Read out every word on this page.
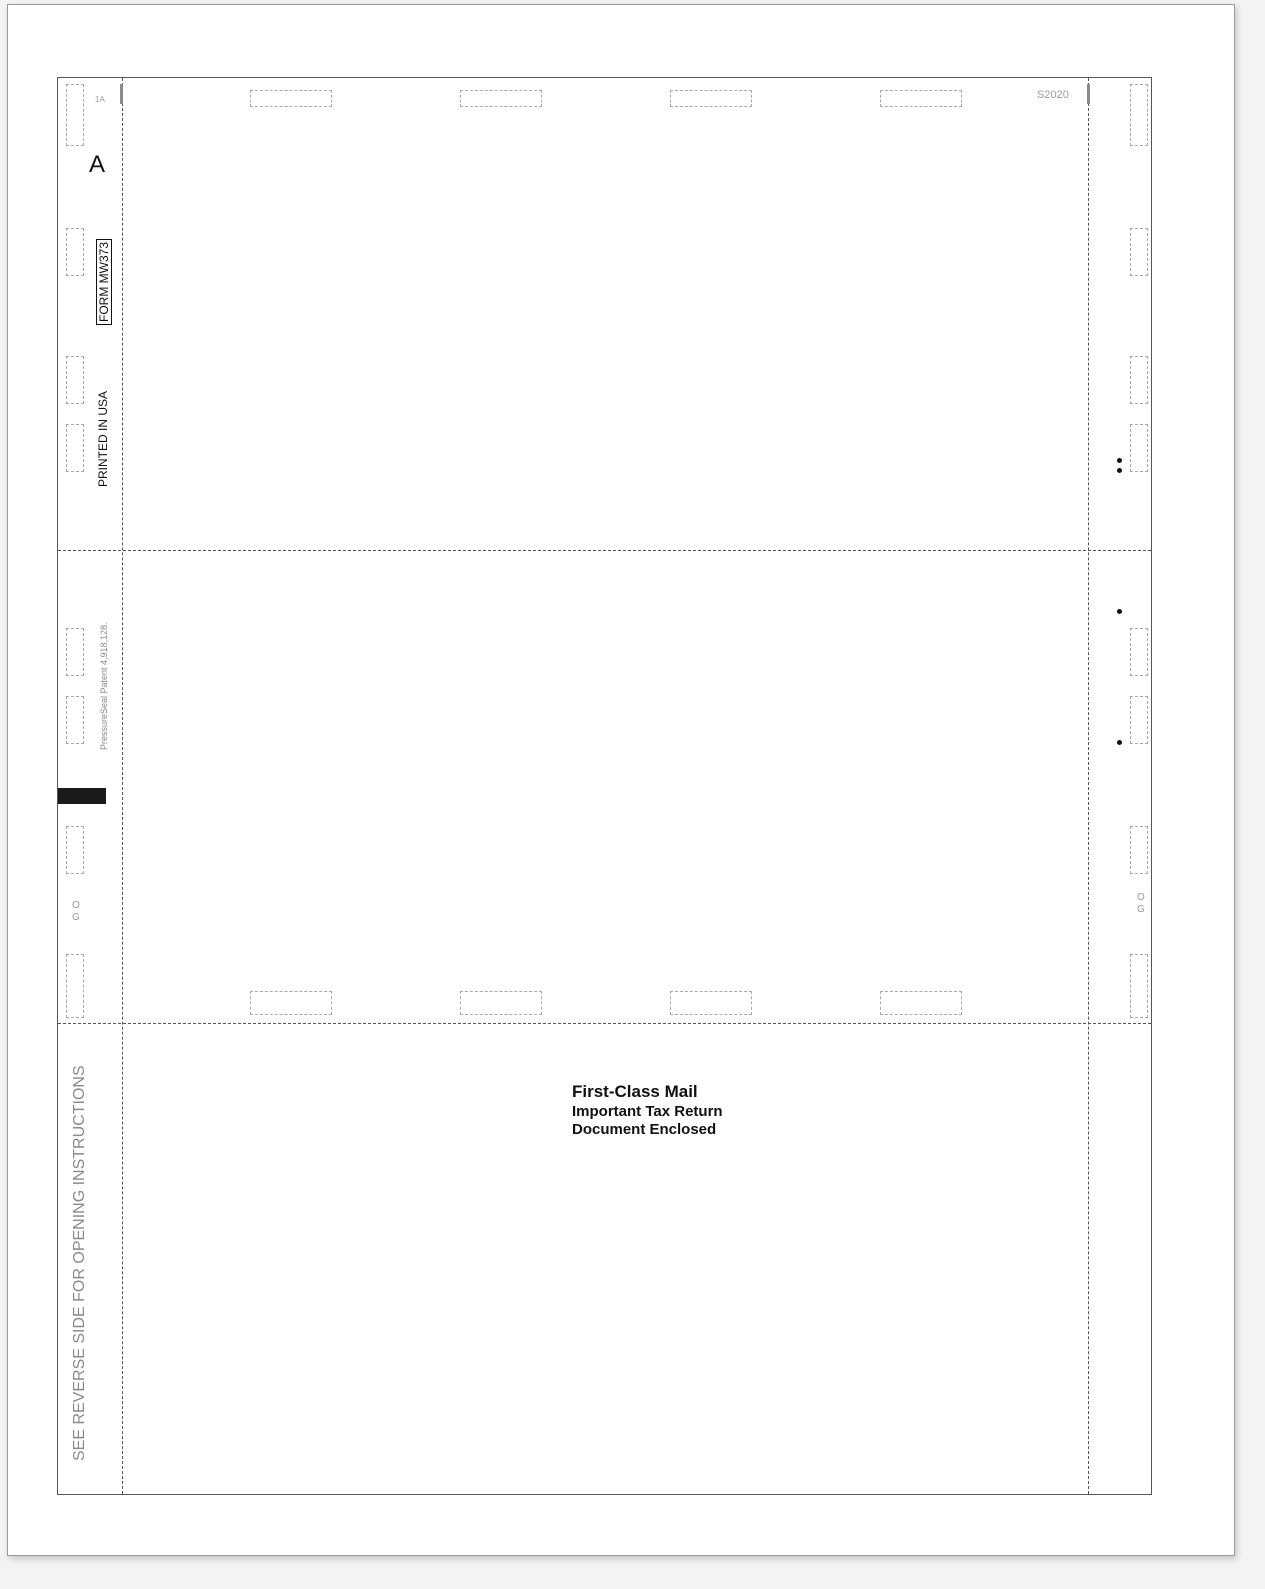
1A
A
FORM MW373
PRINTED IN USA
PressureSeal Patent 4,918,128.
SEE REVERSE SIDE FOR OPENING INSTRUCTIONS
O G
O G
S2020
First-Class Mail
Important Tax Return
Document Enclosed
